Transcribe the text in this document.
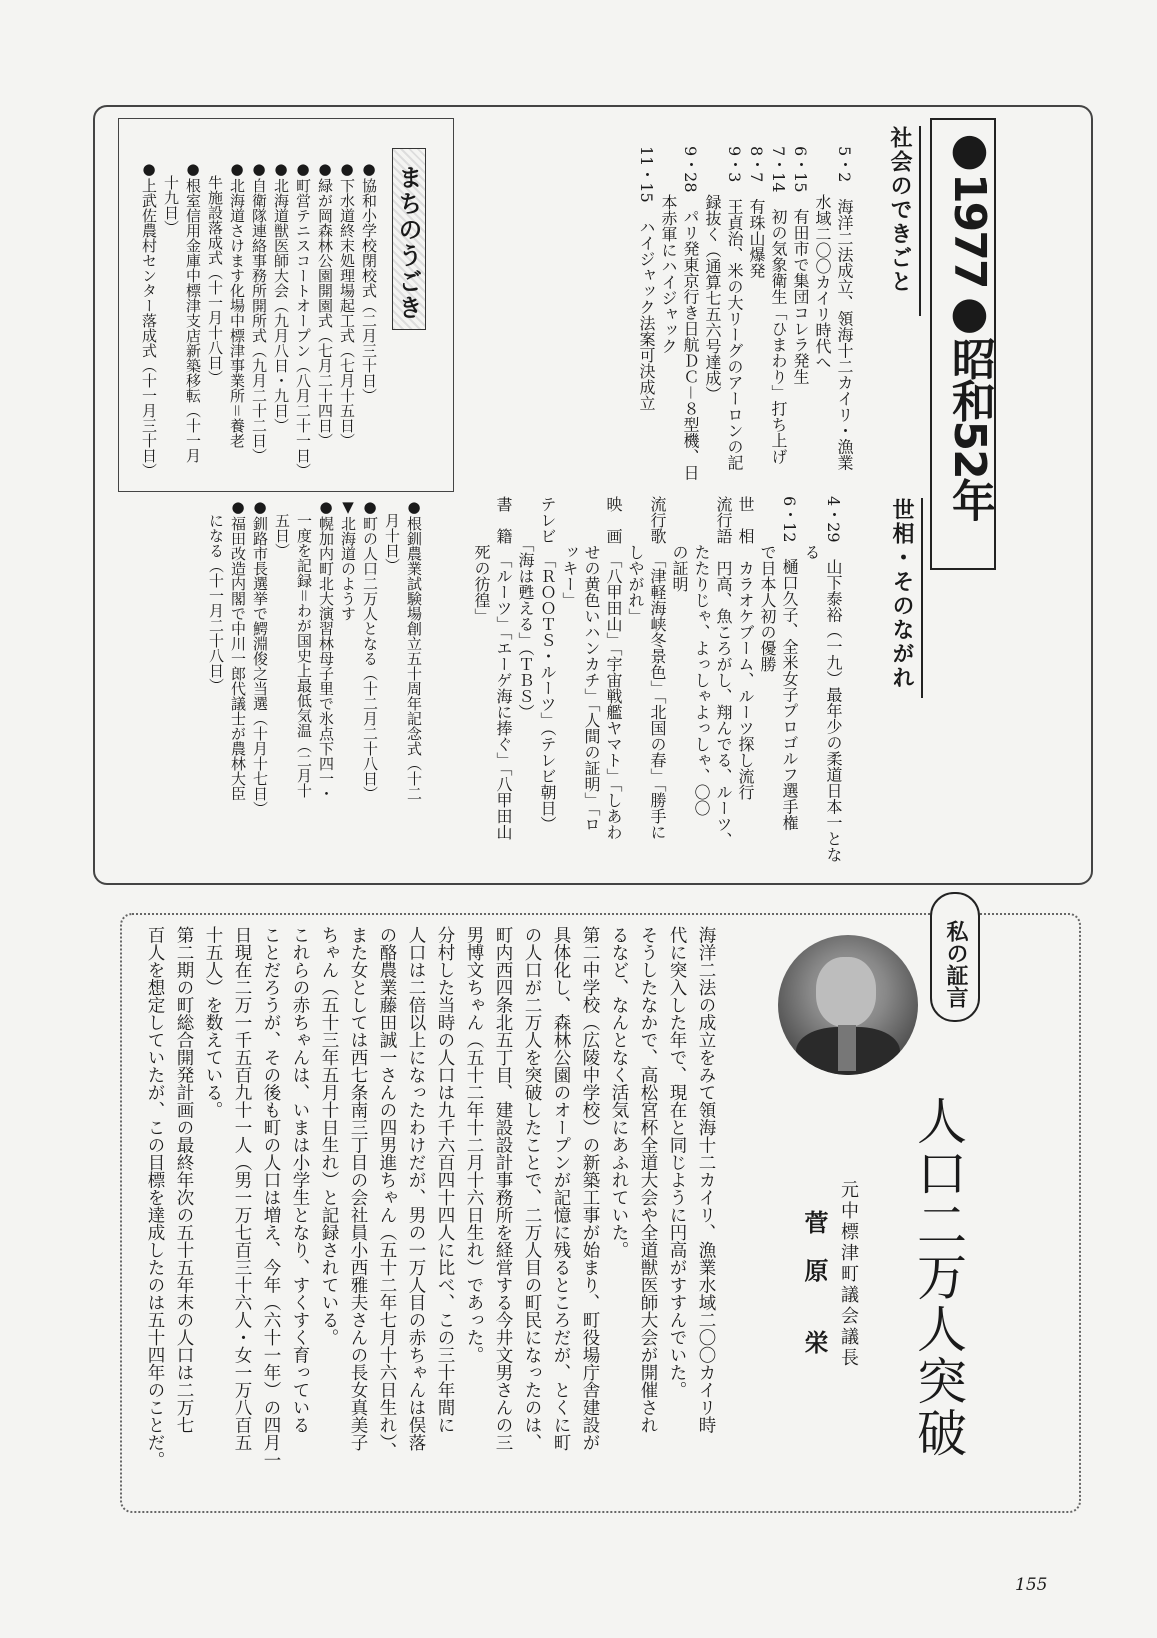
●1977●昭和52年
社会のできごと
5・2　海洋二法成立、領海十二カイリ・漁業
　　　水域二〇〇カイリ時代へ
6・15　有田市で集団コレラ発生
7・14　初の気象衛生「ひまわり」打ち上げ
8・7　有珠山爆発
9・3　王貞治、米の大リーグのアーロンの記
　　　録抜く（通算七五六号達成）
9・28　パリ発東京行き日航ＤＣ－８型機、日
　　　本赤軍にハイジャック
11・15　ハイジャック法案可決成立
世相・そのながれ
4・29　山下泰裕（一九）最年少の柔道日本一とな
　　　る
6・12　樋口久子、全米女子プロゴルフ選手権
　　　で日本人初の優勝
世　相　カラオケブーム、ルーツ探し流行
流行語　円高、魚ころがし、翔んでる、ルーツ、
　　　たたりじゃ、よっしゃよっしゃ、〇〇
　　　の証明
流行歌　「津軽海峡冬景色」「北国の春」「勝手に
　　　しやがれ」
映　画　「八甲田山」「宇宙戦艦ヤマト」「しあわ
　　　せの黄色いハンカチ」「人間の証明」「ロ
　　　ッキー」
テレビ　「ＲＯＯＴＳ・ルーツ」（テレビ朝日）
　　　「海は甦える」（ＴＢＳ）
書　籍　「ルーツ」「エーゲ海に捧ぐ」「八甲田山
　　　死の彷徨」
まちのうごき
●協和小学校閉校式（二月三十日）
●下水道終末処理場起工式（七月十五日）
●緑が岡森林公園開園式（七月二十四日）
●町営テニスコートオープン（八月二十一日）
●北海道獣医師大会（九月八日・九日）
●自衛隊連絡事務所開所式（九月二十二日）
●北海道さけます化場中標津事業所＝養老
　牛施設落成式（十一月十八日）
●根室信用金庫中標津支店新築移転（十一月
　十九日）
●上武佐農村センター落成式（十一月三十日）
●根釧農業試験場創立五十周年記念式（十二
　月十日）
●町の人口二万人となる（十二月二十八日）
▼北海道のようす
●幌加内町北大演習林母子里で氷点下四一・
　一度を記録＝わが国史上最低気温（二月十
　五日）
●釧路市長選挙で鰐淵俊之当選（十月十七日）
●福田改造内閣で中川一郎代議士が農林大臣
　になる（十一月二十八日）
私の証言
人口二万人突破
元中標津町議会議長
菅　原　　栄
海洋二法の成立をみて領海十二カイリ、漁業水域二〇〇カイリ時
代に突入した年で、現在と同じように円高がすすんでいた。
そうしたなかで、高松宮杯全道大会や全道獣医師大会が開催され
るなど、なんとなく活気にあふれていた。
第二中学校（広陵中学校）の新築工事が始まり、町役場庁舎建設が
具体化し、森林公園のオープンが記憶に残るところだが、とくに町
の人口が二万人を突破したことで、二万人目の町民になったのは、
町内西四条北五丁目、建設設計事務所を経営する今井文男さんの三
男博文ちゃん（五十二年十二月十六日生れ）であった。
分村した当時の人口は九千六百四十四人に比べ、この三十年間に
人口は二倍以上になったわけだが、男の一万人目の赤ちゃんは俣落
の酪農業藤田誠一さんの四男進ちゃん（五十二年七月十六日生れ）、
また女としては西七条南三丁目の会社員小西雅夫さんの長女真美子
ちゃん（五十三年五月十日生れ）と記録されている。
これらの赤ちゃんは、いまは小学生となり、すくすく育っている
ことだろうが、その後も町の人口は増え、今年（六十一年）の四月一
日現在二万一千五百九十一人（男一万七百三十六人・女一万八百五
十五人）を数えている。
第二期の町総合開発計画の最終年次の五十五年末の人口は二万七
百人を想定していたが、この目標を達成したのは五十四年のことだ。
155
